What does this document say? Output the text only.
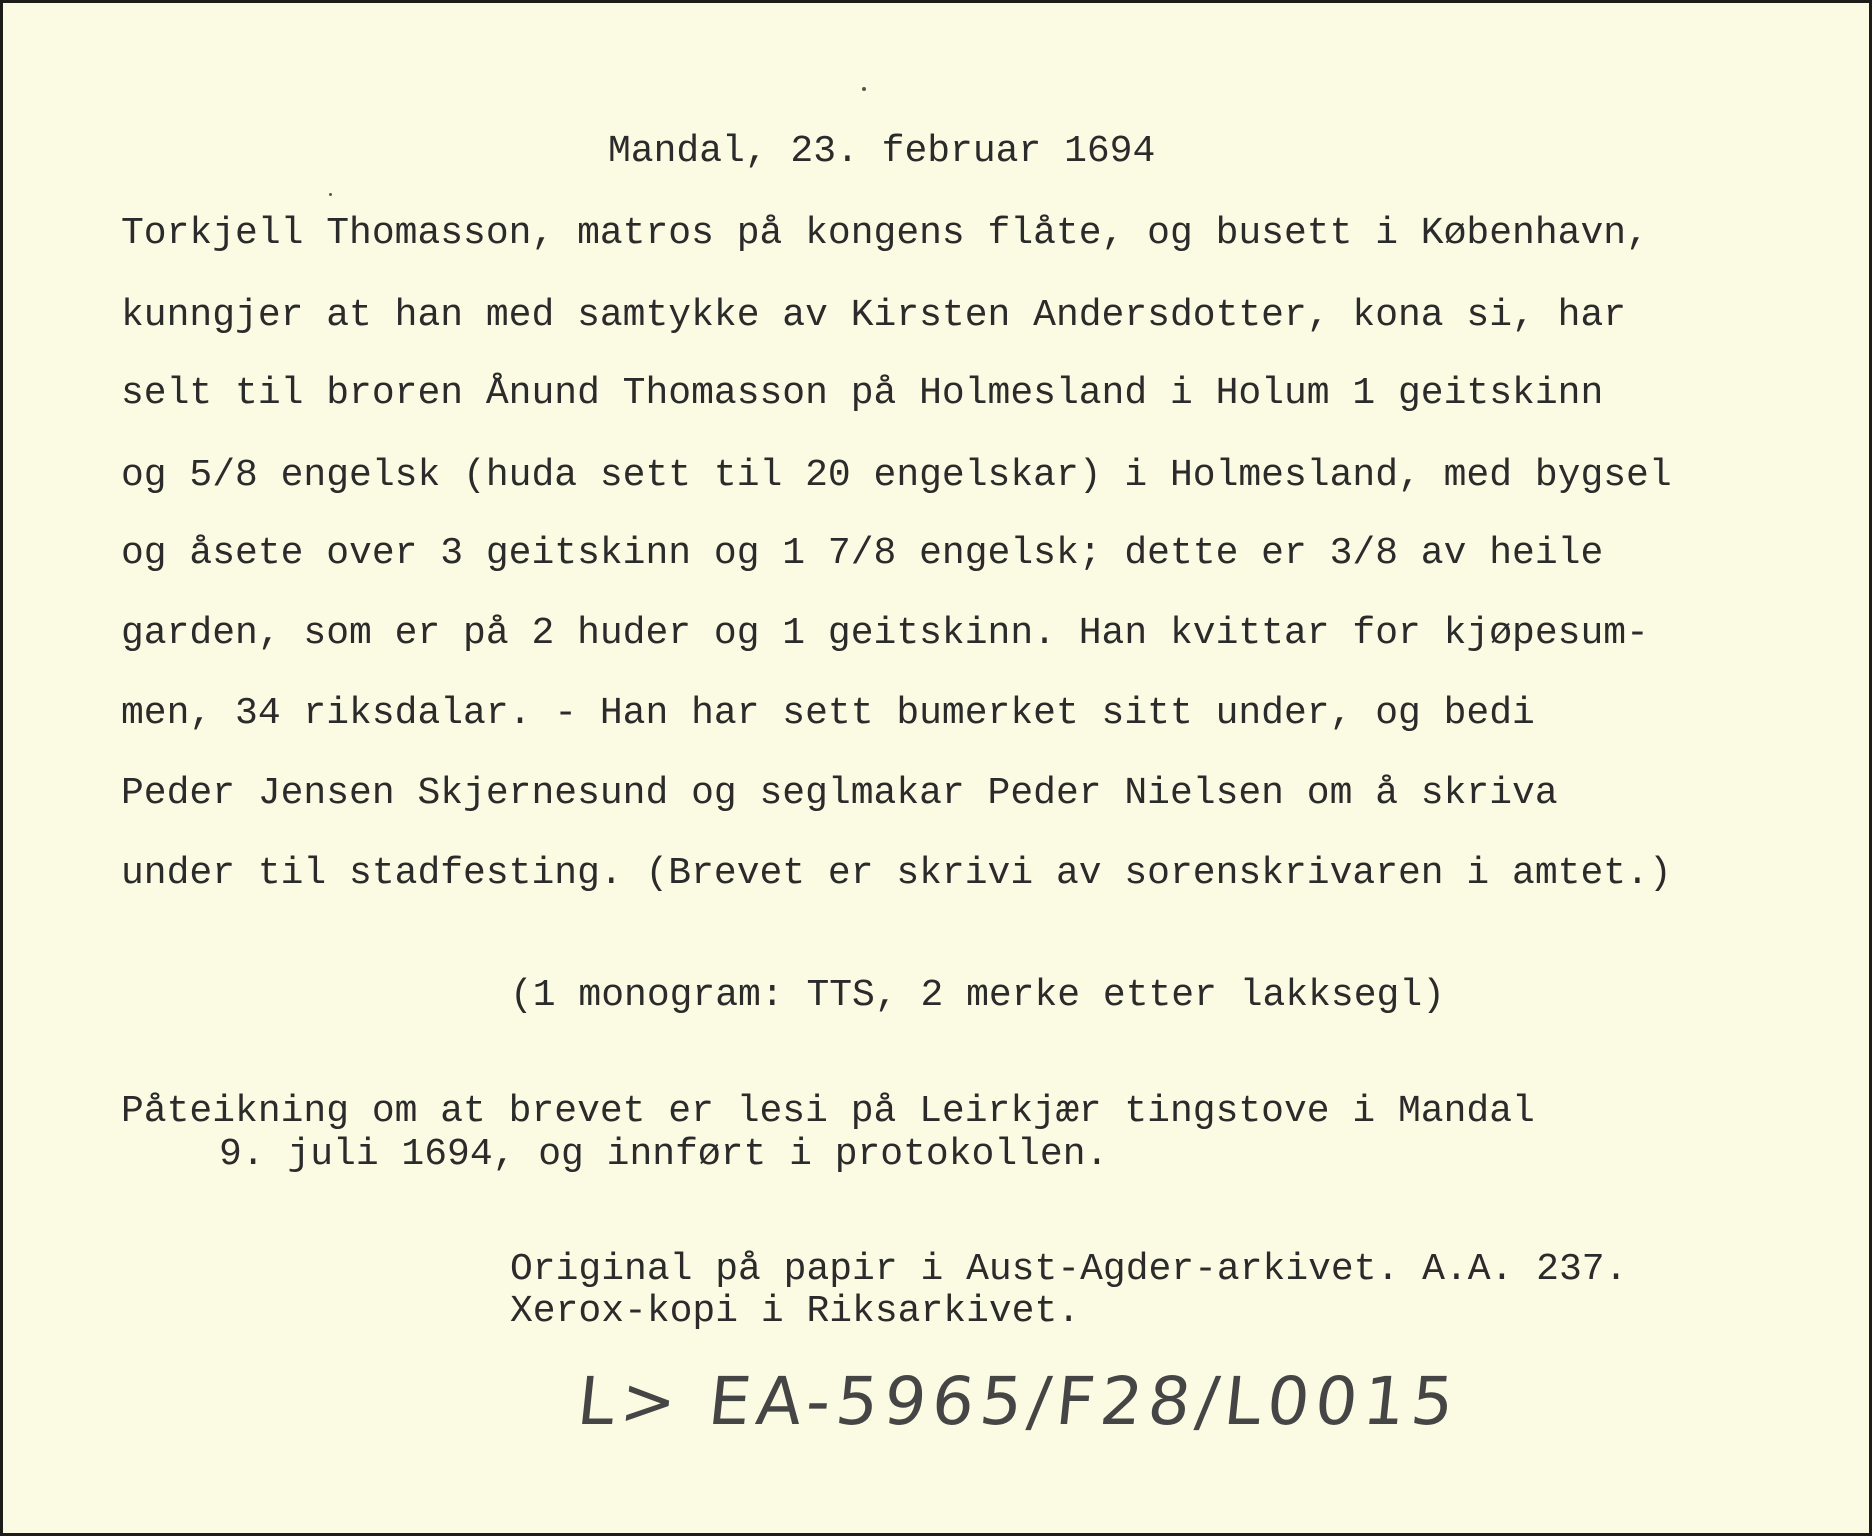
Mandal, 23. februar 1694
Torkjell Thomasson, matros på kongens flåte, og busett i København,
kunngjer at han med samtykke av Kirsten Andersdotter, kona si, har
selt til broren Ånund Thomasson på Holmesland i Holum 1 geitskinn
og 5/8 engelsk (huda sett til 20 engelskar) i Holmesland, med bygsel
og åsete over 3 geitskinn og 1 7/8 engelsk; dette er 3/8 av heile
garden, som er på 2 huder og 1 geitskinn. Han kvittar for kjøpesum-
men, 34 riksdalar. - Han har sett bumerket sitt under, og bedi
Peder Jensen Skjernesund og seglmakar Peder Nielsen om å skriva
under til stadfesting. (Brevet er skrivi av sorenskrivaren i amtet.)
(1 monogram: TTS, 2 merke etter lakksegl)
Påteikning om at brevet er lesi på Leirkjær tingstove i Mandal
9. juli 1694, og innført i protokollen.
Original på papir i Aust-Agder-arkivet. A.A. 237.
Xerox-kopi i Riksarkivet.
L> EA-5965/F28/L0015
